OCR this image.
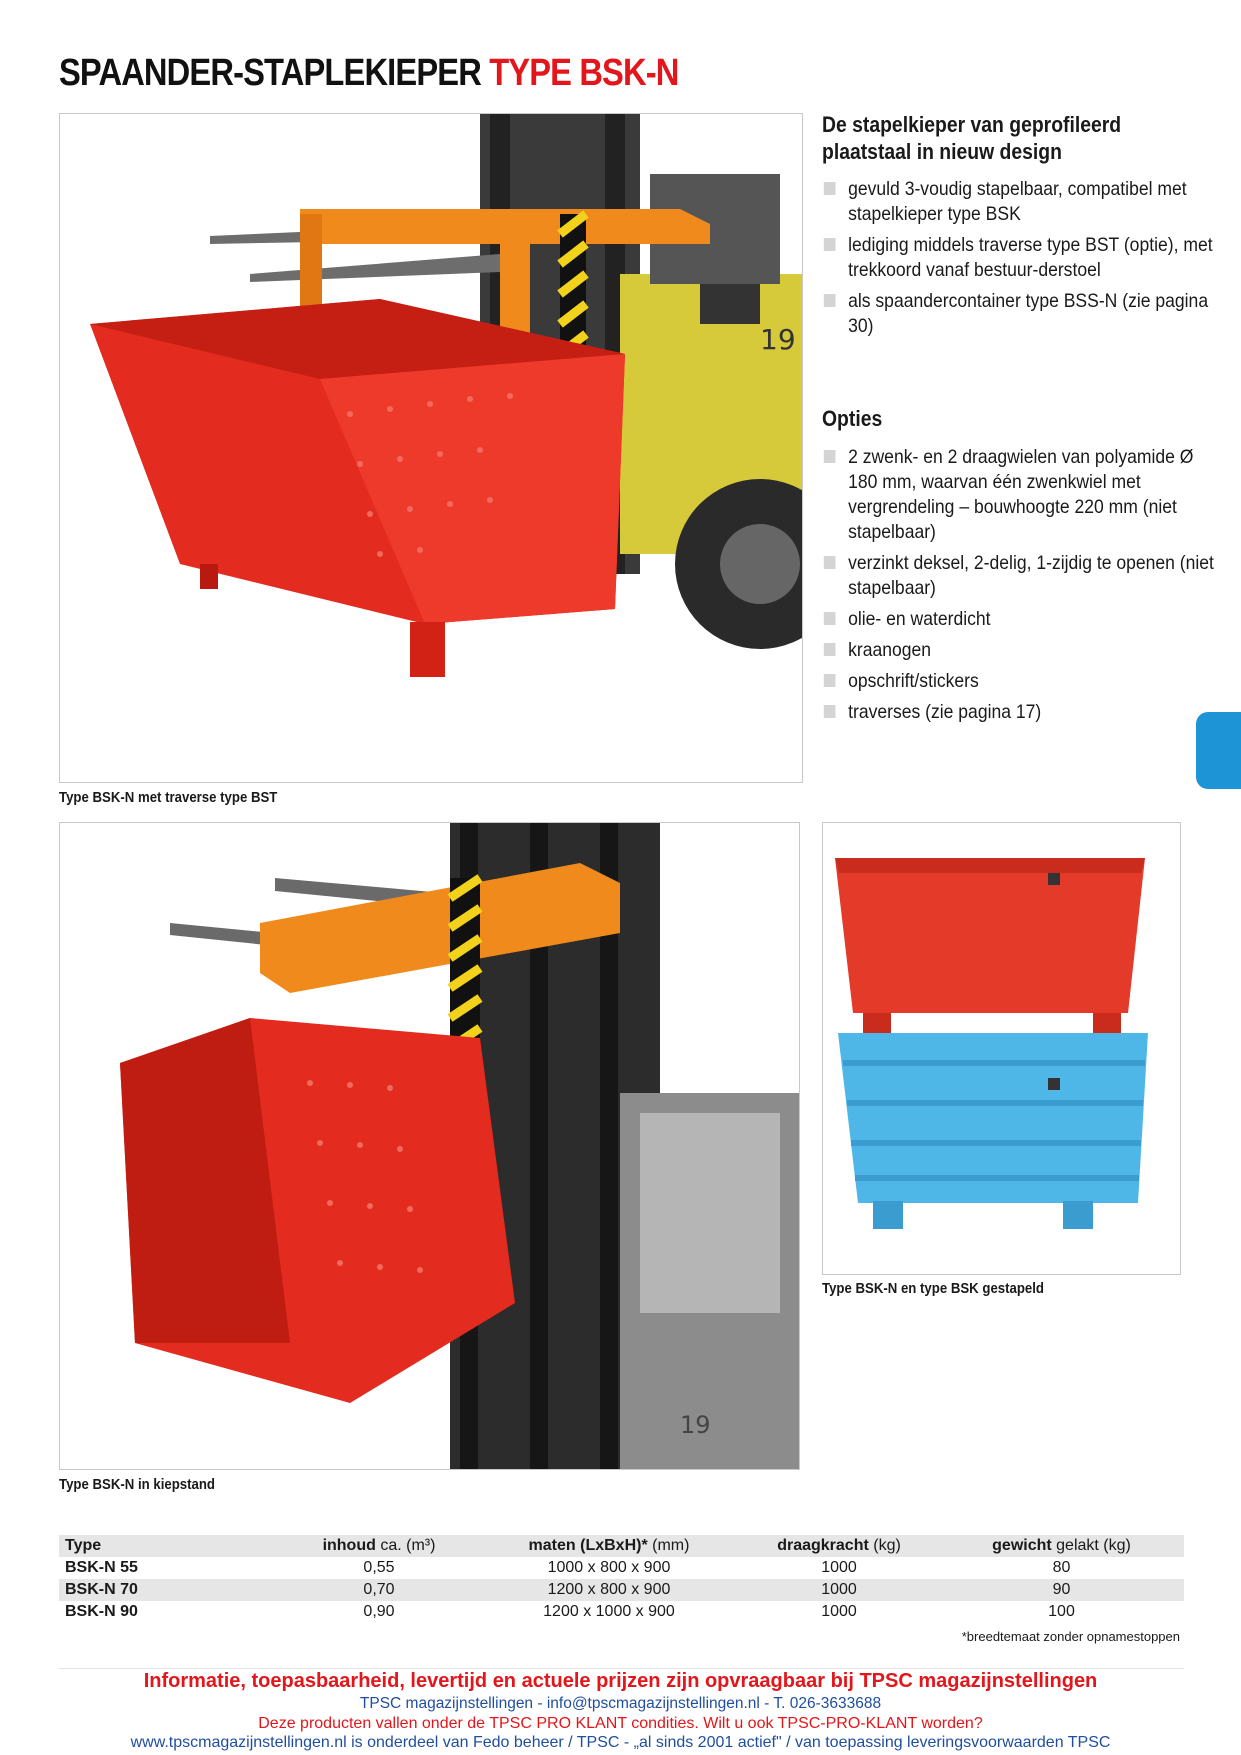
SPAANDER-STAPLEKIEPER TYPE BSK-N
19
Type BSK-N met traverse type BST
De stapelkieper van geprofileerd plaatstaal in nieuw design
gevuld 3-voudig stapelbaar, compatibel met stapelkieper type BSK
lediging middels traverse type BST (optie), met trekkoord vanaf bestuur-derstoel
als spaandercontainer type BSS-N (zie pagina 30)
Opties
2 zwenk- en 2 draagwielen van polyamide Ø 180 mm, waarvan één zwenkwiel met vergrendeling – bouwhoogte 220 mm (niet stapelbaar)
verzinkt deksel, 2-delig, 1-zijdig te openen (niet stapelbaar)
olie- en waterdicht
kraanogen
opschrift/stickers
traverses (zie pagina 17)
19
Type BSK-N in kiepstand
Type BSK-N en type BSK gestapeld
Type	inhoud ca. (m³)	maten (LxBxH)* (mm)	draagkracht (kg)	gewicht gelakt (kg)
BSK-N 55	0,55	1000 x 800 x 900	1000	80
BSK-N 70	0,70	1200 x 800 x 900	1000	90
BSK-N 90	0,90	1200 x 1000 x 900	1000	100
*breedtemaat zonder opnamestoppen
Informatie, toepasbaarheid, levertijd en actuele prijzen zijn opvraagbaar bij TPSC magazijnstellingen
TPSC magazijnstellingen - info@tpscmagazijnstellingen.nl - T. 026-3633688
Deze producten vallen onder de TPSC PRO KLANT condities. Wilt u ook TPSC-PRO-KLANT worden?
www.tpscmagazijnstellingen.nl is onderdeel van Fedo beheer / TPSC - „al sinds 2001 actief" / van toepassing leveringsvoorwaarden TPSC
